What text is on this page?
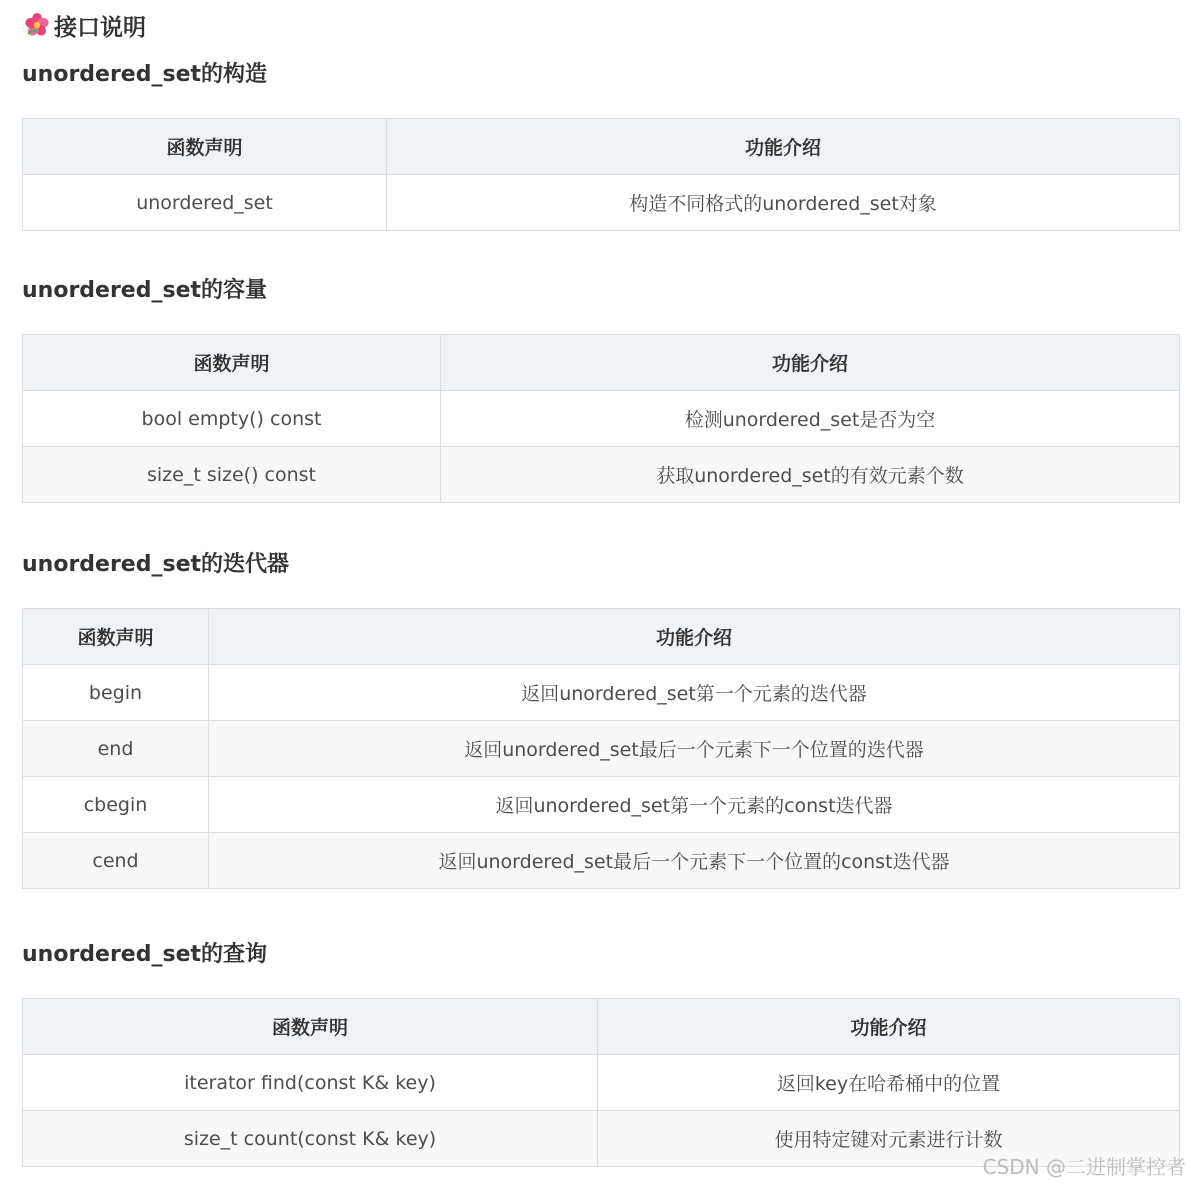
接口说明
unordered_set的构造
函数声明	功能介绍
unordered_set	构造不同格式的unordered_set对象
unordered_set的容量
函数声明	功能介绍
bool empty() const	检测unordered_set是否为空
size_t size() const	获取unordered_set的有效元素个数
unordered_set的迭代器
函数声明	功能介绍
begin	返回unordered_set第一个元素的迭代器
end	返回unordered_set最后一个元素下一个位置的迭代器
cbegin	返回unordered_set第一个元素的const迭代器
cend	返回unordered_set最后一个元素下一个位置的const迭代器
unordered_set的查询
函数声明	功能介绍
iterator find(const K& key)	返回key在哈希桶中的位置
size_t count(const K& key)	使用特定键对元素进行计数
CSDN @二进制掌控者
